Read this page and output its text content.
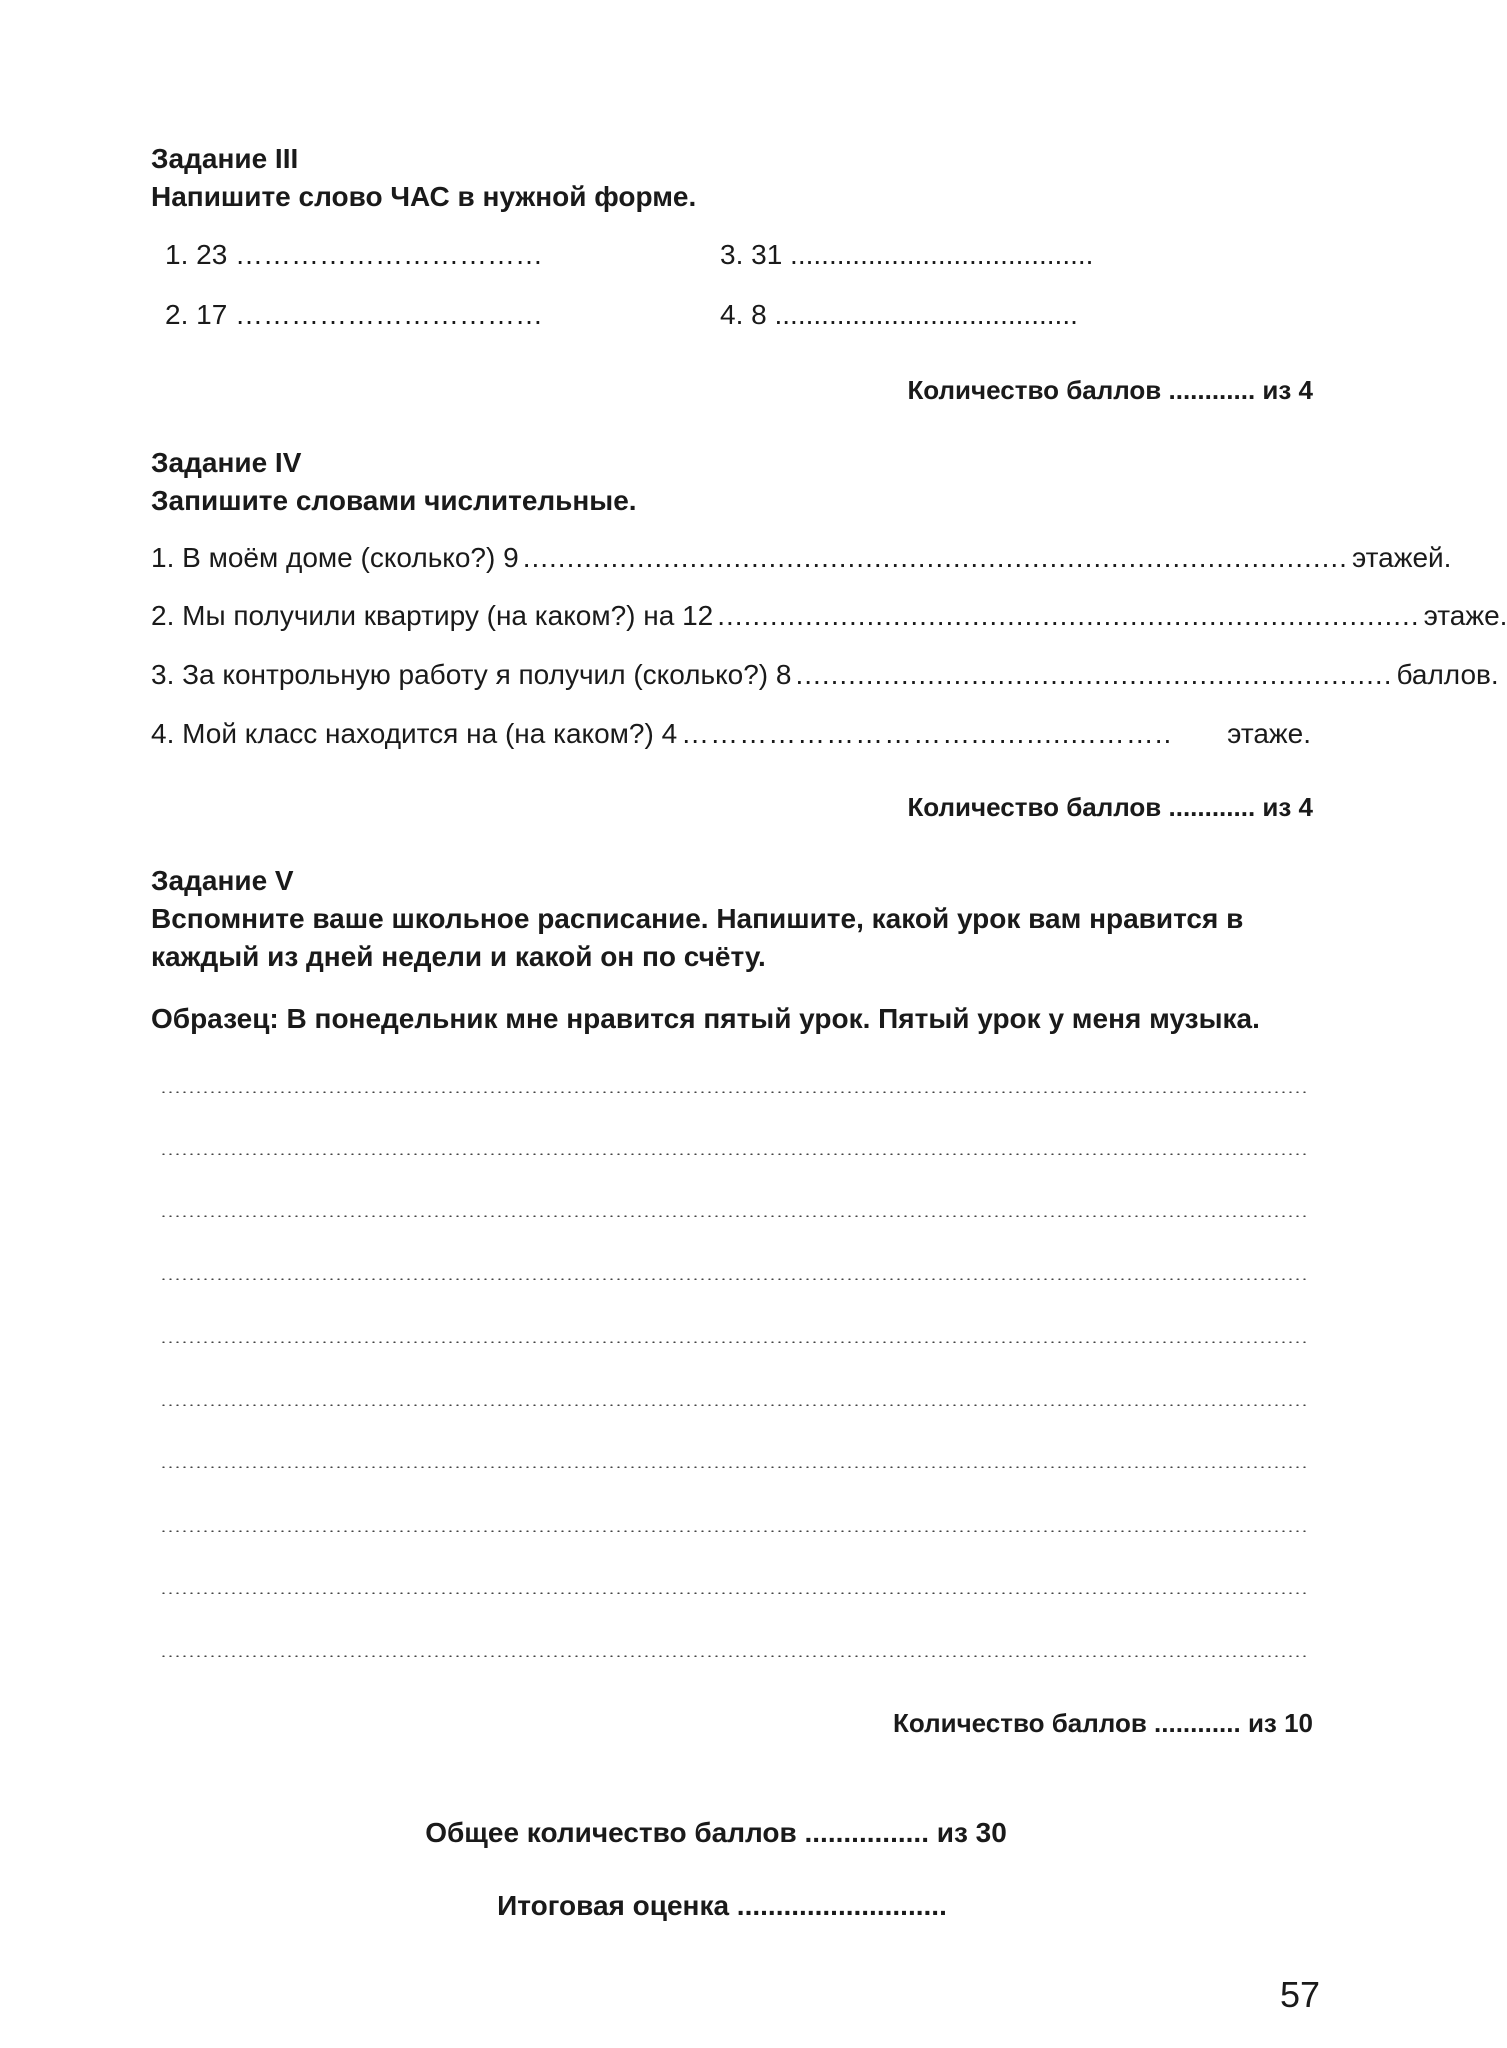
Задание III
Напишите слово ЧАС в нужной форме.
1. 23 ……………………………	3. 31 .......................................
2. 17 ……………………………	4. 8 .......................................
Количество баллов ............ из 4
Задание IV
Запишите словами числительные.
1. В моём доме (сколько?) 9 .............................................................................................. этажей.
2. Мы получили квартиру (на каком?) на 12 ................................................................................ этаже.
3. За контрольную работу я получил (сколько?) 8 .................................................................... баллов.
4. Мой класс находится на (на каком?) 4 …………………………...…........……..	этаже.
Количество баллов ............ из 4
Задание V
Вспомните ваше школьное расписание. Напишите, какой урок вам нравится в каждый из дней недели и какой он по счёту.
Образец: В понедельник мне нравится пятый урок. Пятый урок у меня музыка.
Количество баллов ............ из 10
Общее количество баллов ................ из 30
Итоговая оценка ...........................
57
